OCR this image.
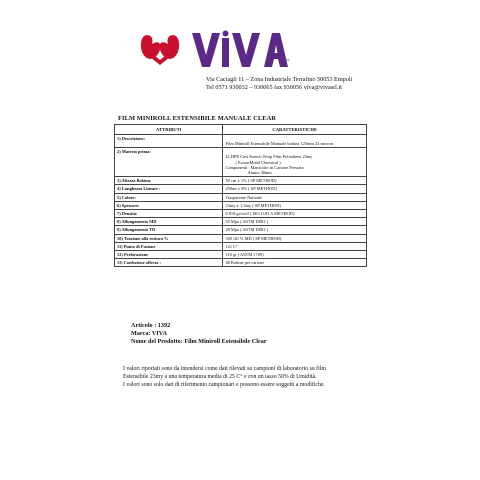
S.P.A.
Via Caciagli 11 – Zona Industriale Terrafino 50053 Empoli
Tel 0571 930032 – 930065 fax 930056 viva@vivasrl.it
FILM MINIROLL ESTENSIBILE MANUALE CLEAR
ATTRIBUTI	CARATTERISTICHE
1) Descrizione:	Film Miniroll Estensibile Manuale bobina 125mm 23 micron

2) Materia prima:	LLDPE Cast Stretch Wrap Film Polietilene 23my
( ExxonMobil Chemical )
Componenti : Manicotto in Cartone Pressato
Anima 38mm

3) Altezza Bobina:	50 cm ± 1% ( SP METHOD)
4) Lunghezza Lineare :	250mt ± 8% ( SP METHOD)
5) Colore:	Trasparente Naturale
6) Spessore:	23my ± 1.5my ( SP METHOD)
7) Densità:	0.918 gr/cm3 ( ISO 1183 A METHOD)
8) Allungamento MD	55 Mpa ( ASTM D882 )
9) Allungamento TD	28 Mpa ( ASTM D882 )
10) Trazione alla rottura %	350 /40 % MD ( SP METHOD)
11) Punto di Fusione	121 C°
12) Perforazione	110 gr ( ASTM 1709)
11) Confezione offerta :	48 Bobine per cartone
Articolo : 1392
Marca: VIVA
Nome del Prodotto: Film Miniroll Estensibile Clear
I valori riportati sono da intendersi come dati rilevati su campioni di laboratorio su film
Estensibile 23my a una temperatura media di 25 C° e con un tasso 50% di Umidità.
I valori sono solo dati di riferimento campionari e possono essere soggetti a modifiche.
